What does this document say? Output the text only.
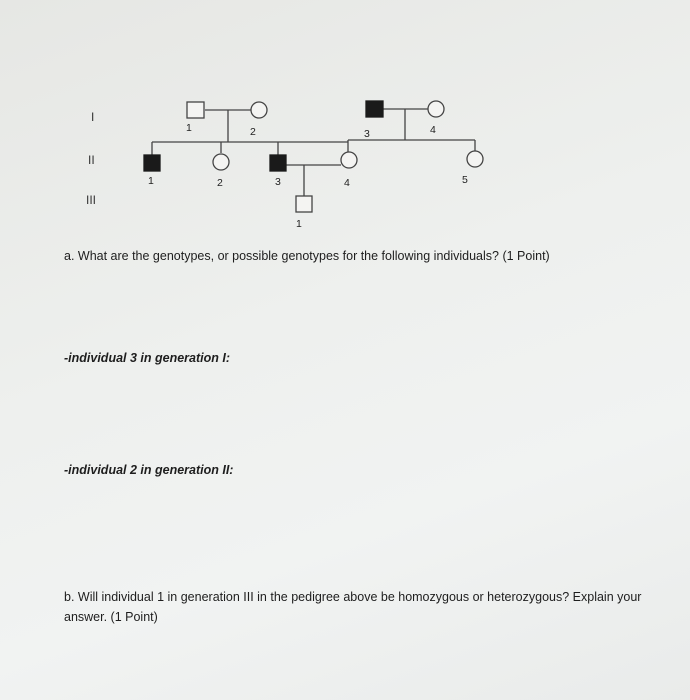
I
II
III
1	2	3	4
1	2	3	4	5
1
a. What are the genotypes, or possible genotypes for the following individuals? (1 Point)
-individual 3 in generation I:
-individual 2 in generation II:
b. Will individual 1 in generation III in the pedigree above be homozygous or heterozygous? Explain your answer. (1 Point)
